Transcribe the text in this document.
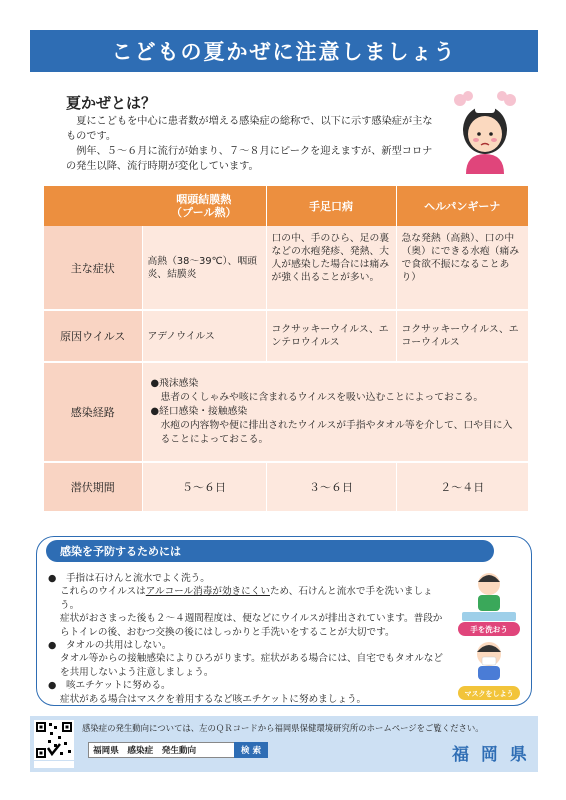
こどもの夏かぜに注意しましょう
夏かぜとは？

夏にこどもを中心に患者数が増える感染症の総称で、以下に示す感染症が主なものです。

例年、５～６月に流行が始まり、７～８月にピークを迎えますが、新型コロナの発生以降、流行時期が変化しています。

	咽頭結膜熱
（プール熱）	手足口病	ヘルパンギーナ
主な症状	高熱（38～39℃）、咽頭炎、結膜炎	口の中、手のひら、足の裏などの水疱発疹、発熱、大人が感染した場合には痛みが強く出ることが多い。	急な発熱（高熱）、口の中（奥）にできる水疱（痛みで食欲不振になることあり）
原因ウイルス	アデノウイルス	コクサッキーウイルス、エンテロウイルス	コクサッキーウイルス、エコーウイルス
感染経路	●飛沫感染
患者のくしゃみや咳に含まれるウイルスを吸い込むことによっておこる。
●経口感染・接触感染
水疱の内容物や便に排出されたウイルスが手指やタオル等を介して、口や目に入ることによっておこる。		

潜伏期間	５～６日	３～６日	２～４日
感染を予防するためには

●　手指は石けんと流水でよく洗う。

これらのウイルスはアルコール消毒が効きにくいため、石けんと流水で手を洗いましょう。

症状がおさまった後も２～４週間程度は、便などにウイルスが排出されています。普段からトイレの後、おむつ交換の後にはしっかりと手洗いをすることが大切です。

●　タオルの共用はしない。

タオル等からの接触感染によりひろがります。症状がある場合には、自宅でもタオルなどを共用しないよう注意しましょう。

●　咳エチケットに努める。

症状がある場合はマスクを着用するなど咳エチケットに努めましょう。

手を洗おう
マスクをしよう
感染症の発生動向については、左のＱＲコードから福岡県保健環境研究所のホームページをご覧ください。
福岡県　感染症　発生動向	検 索	福 岡 県
